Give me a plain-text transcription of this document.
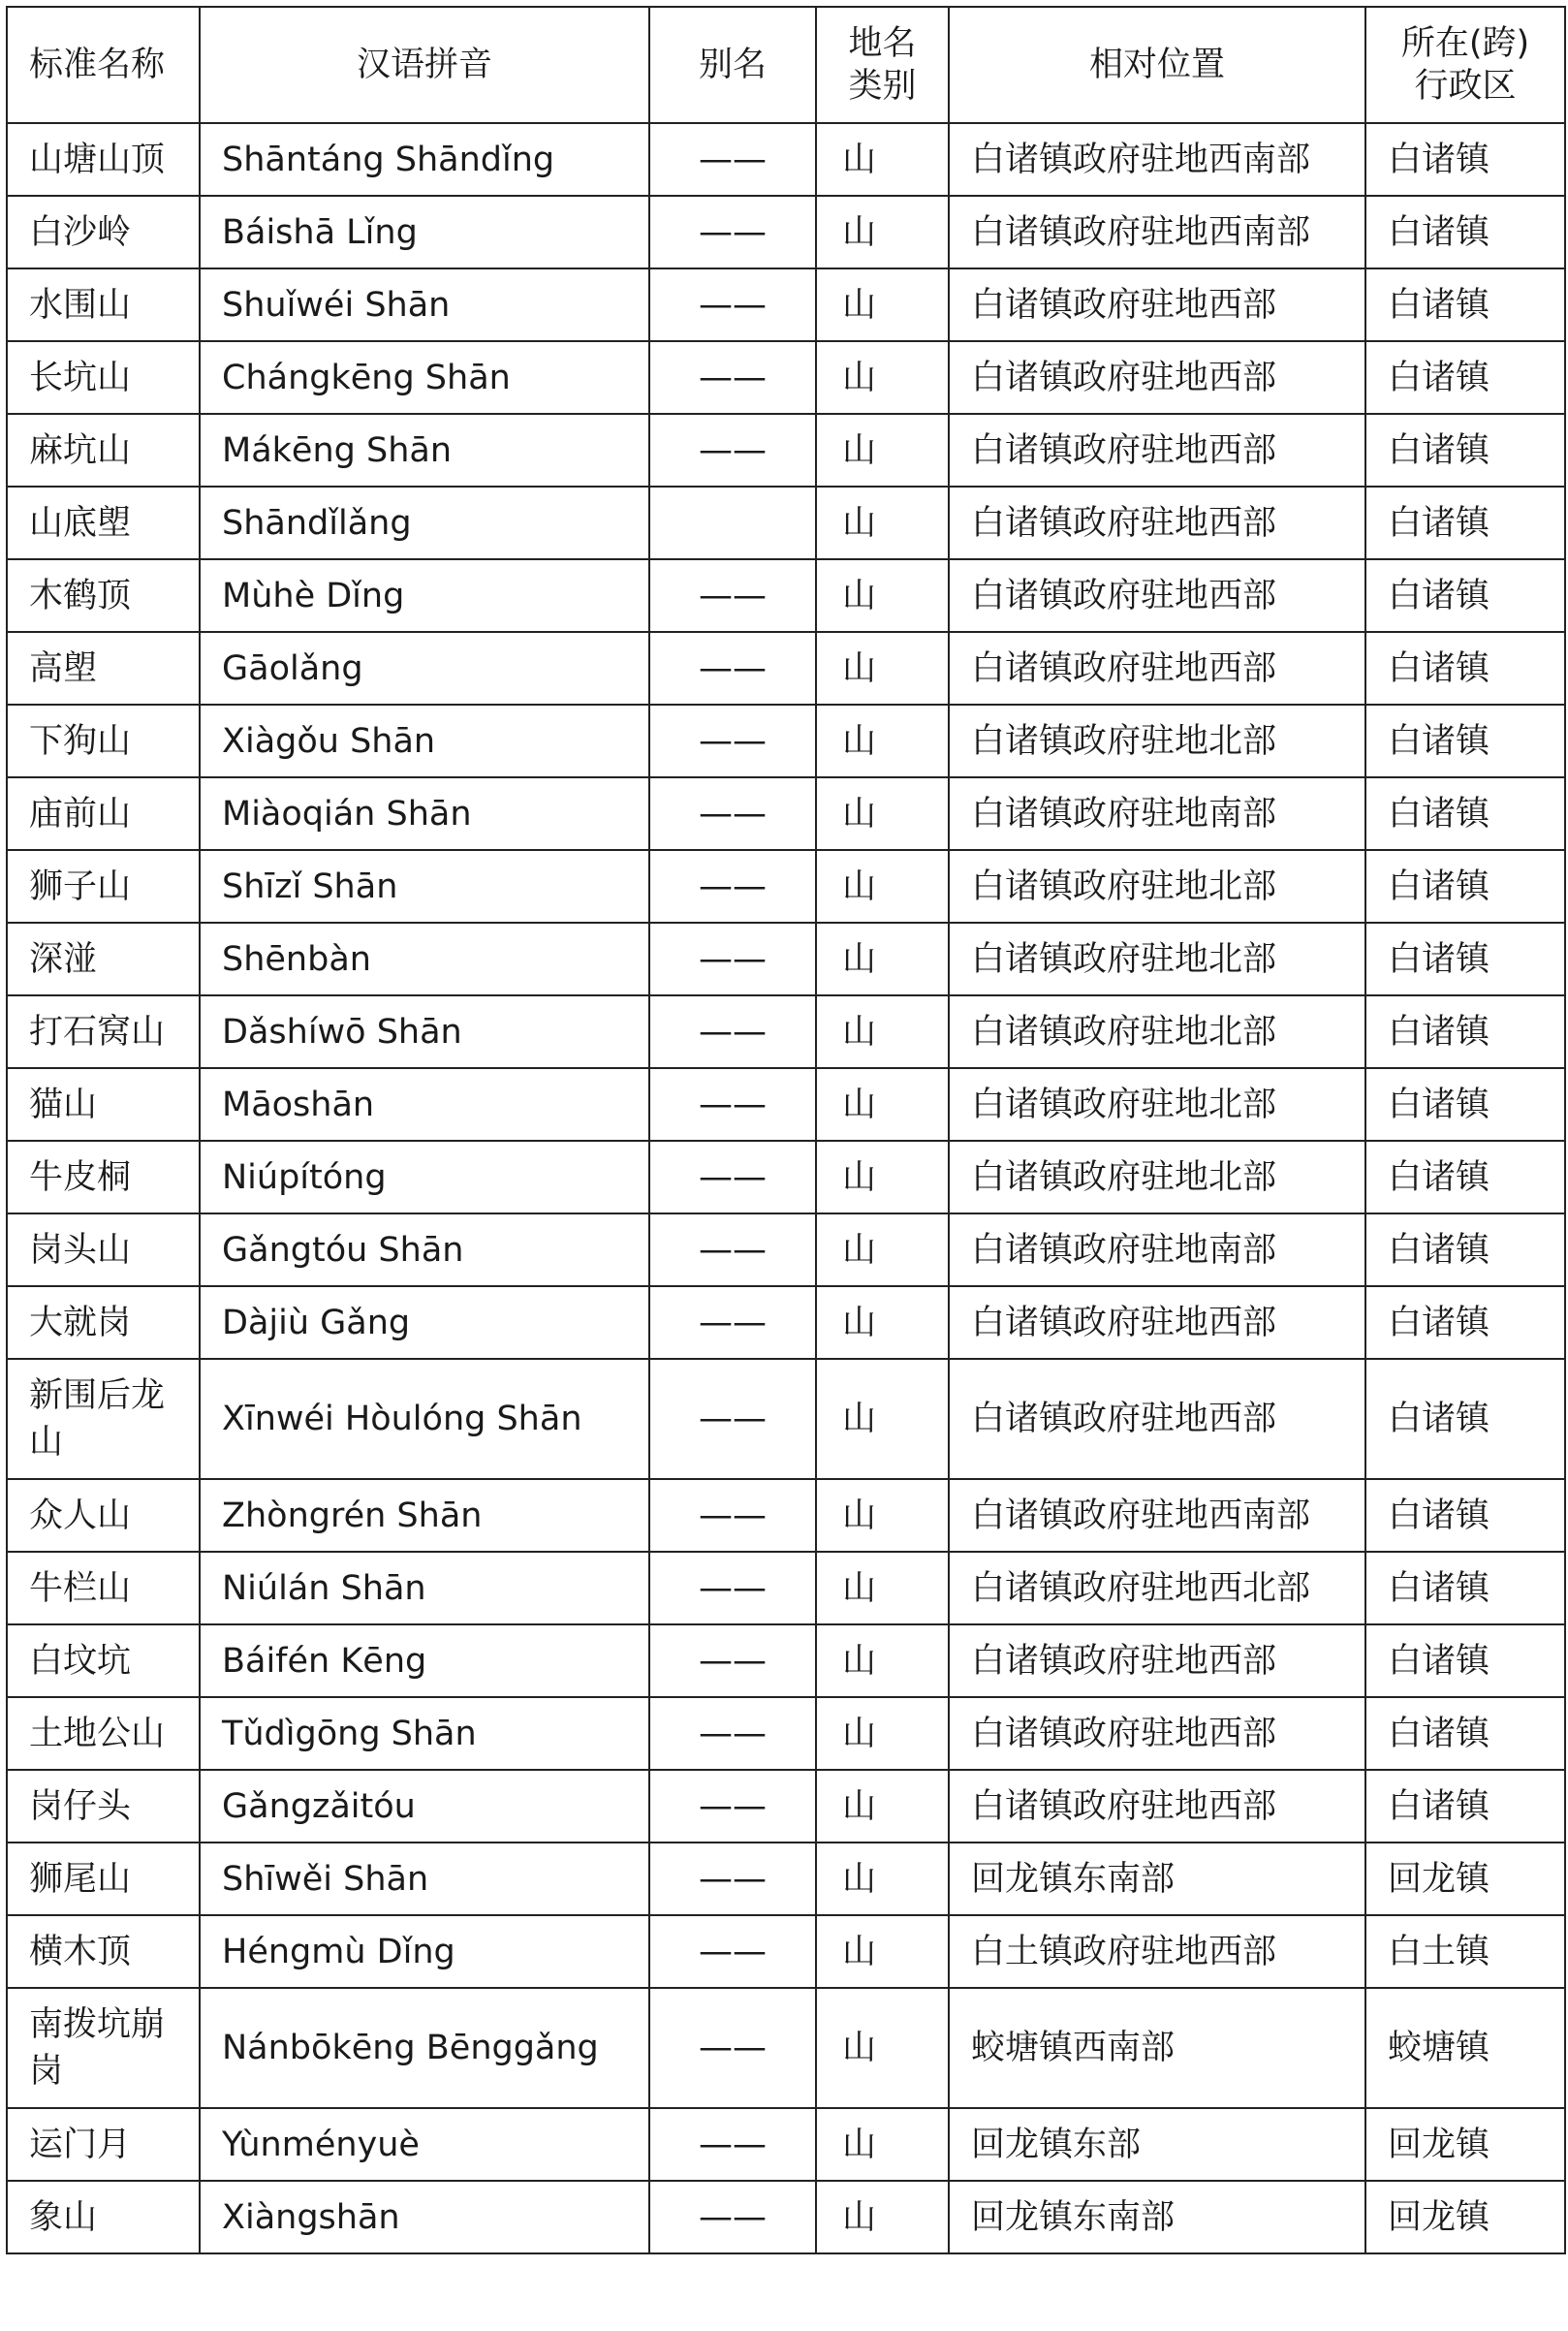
标准名称	汉语拼音	别名	地名类别	相对位置	所在(跨)行政区
山塘山顶	Shāntáng Shāndǐng	——	山	白诸镇政府驻地西南部	白诸镇
白沙岭	Báishā Lǐng	——	山	白诸镇政府驻地西南部	白诸镇
水围山	Shuǐwéi Shān	——	山	白诸镇政府驻地西部	白诸镇
长坑山	Chángkēng Shān	——	山	白诸镇政府驻地西部	白诸镇
麻坑山	Mákēng Shān	——	山	白诸镇政府驻地西部	白诸镇
山底塱	Shāndǐlǎng		山	白诸镇政府驻地西部	白诸镇
木鹤顶	Mùhè Dǐng	——	山	白诸镇政府驻地西部	白诸镇
高塱	Gāolǎng	——	山	白诸镇政府驻地西部	白诸镇
下狗山	Xiàgǒu Shān	——	山	白诸镇政府驻地北部	白诸镇
庙前山	Miàoqián Shān	——	山	白诸镇政府驻地南部	白诸镇
狮子山	Shīzǐ Shān	——	山	白诸镇政府驻地北部	白诸镇
深湴	Shēnbàn	——	山	白诸镇政府驻地北部	白诸镇
打石窝山	Dǎshíwō Shān	——	山	白诸镇政府驻地北部	白诸镇
猫山	Māoshān	——	山	白诸镇政府驻地北部	白诸镇
牛皮桐	Niúpítóng	——	山	白诸镇政府驻地北部	白诸镇
岗头山	Gǎngtóu Shān	——	山	白诸镇政府驻地南部	白诸镇
大就岗	Dàjiù Gǎng	——	山	白诸镇政府驻地西部	白诸镇
新围后龙山	Xīnwéi Hòulóng Shān	——	山	白诸镇政府驻地西部	白诸镇
众人山	Zhòngrén Shān	——	山	白诸镇政府驻地西南部	白诸镇
牛栏山	Niúlán Shān	——	山	白诸镇政府驻地西北部	白诸镇
白坟坑	Báifén Kēng	——	山	白诸镇政府驻地西部	白诸镇
土地公山	Tǔdìgōng Shān	——	山	白诸镇政府驻地西部	白诸镇
岗仔头	Gǎngzǎitóu	——	山	白诸镇政府驻地西部	白诸镇
狮尾山	Shīwěi Shān	——	山	回龙镇东南部	回龙镇
横木顶	Héngmù Dǐng	——	山	白土镇政府驻地西部	白土镇
南拨坑崩岗	Nánbōkēng Bēnggǎng	——	山	蛟塘镇西南部	蛟塘镇
运门月	Yùnményuè	——	山	回龙镇东部	回龙镇
象山	Xiàngshān	——	山	回龙镇东南部	回龙镇
